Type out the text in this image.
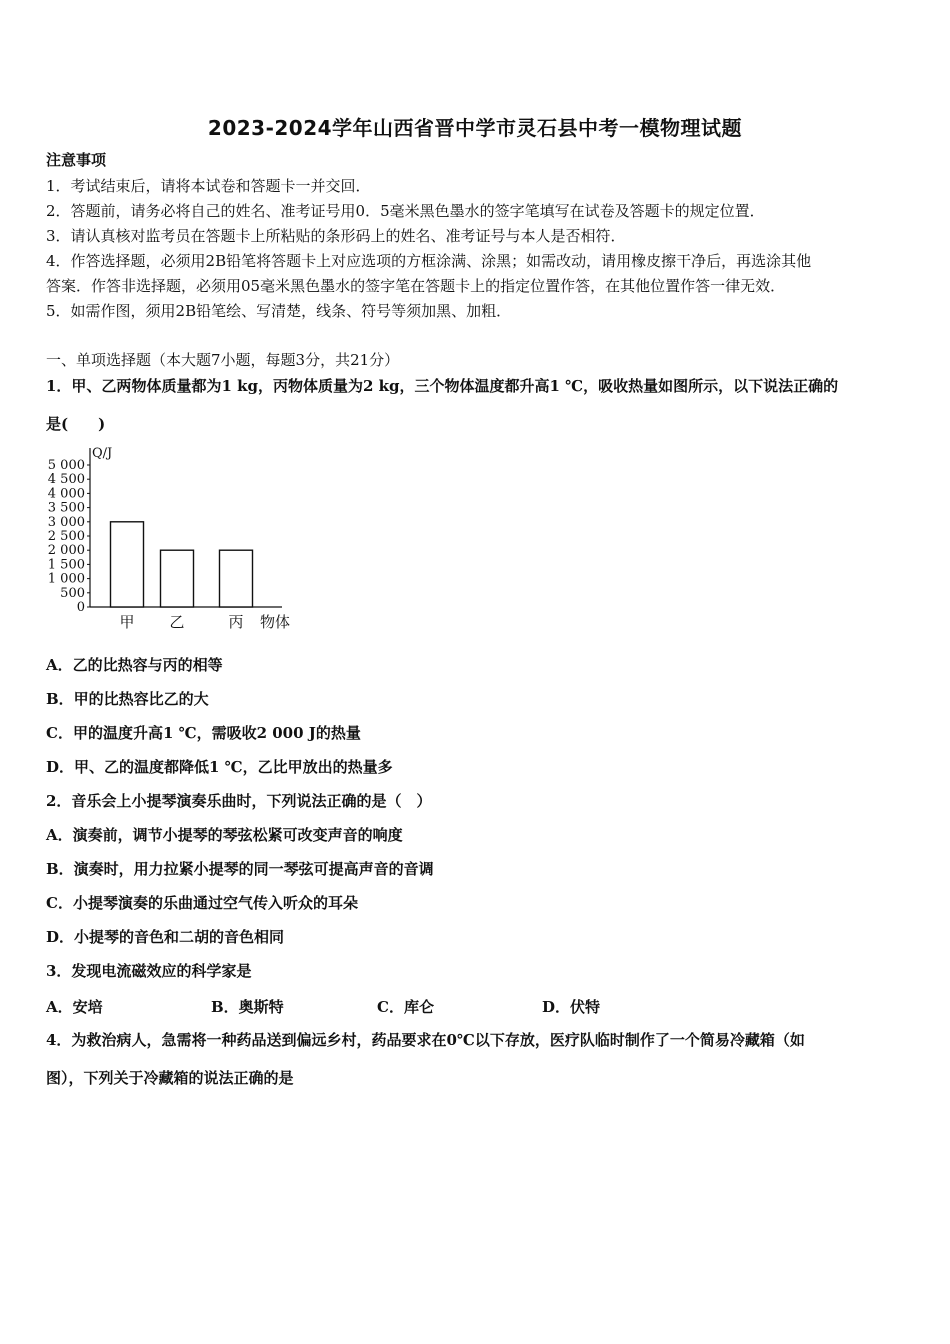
2023-2024学年山西省晋中学市灵石县中考一模物理试题
注意事项
1．考试结束后，请将本试卷和答题卡一并交回．
2．答题前，请务必将自己的姓名、准考证号用0．5毫米黑色墨水的签字笔填写在试卷及答题卡的规定位置．
3．请认真核对监考员在答题卡上所粘贴的条形码上的姓名、准考证号与本人是否相符．
4．作答选择题，必须用2B铅笔将答题卡上对应选项的方框涂满、涂黑；如需改动，请用橡皮擦干净后，再选涂其他
答案．作答非选择题，必须用05毫米黑色墨水的签字笔在答题卡上的指定位置作答，在其他位置作答一律无效．
5．如需作图，须用2B铅笔绘、写清楚，线条、符号等须加黑、加粗．
一、单项选择题（本大题7小题，每题3分，共21分）
1．甲、乙两物体质量都为1 kg，丙物体质量为2 kg，三个物体温度都升高1 ℃，吸收热量如图所示，以下说法正确的
是(　　)
Q/J
0
500
1 000
1 500
2 000
2 500
3 000
3 500
4 000
4 500
5 000
甲 乙	丙 物体
A．乙的比热容与丙的相等
B．甲的比热容比乙的大
C．甲的温度升高1 ℃，需吸收2 000 J的热量
D．甲、乙的温度都降低1 ℃，乙比甲放出的热量多
2．音乐会上小提琴演奏乐曲时，下列说法正确的是（　）
A．演奏前，调节小提琴的琴弦松紧可改变声音的响度
B．演奏时，用力拉紧小提琴的同一琴弦可提高声音的音调
C．小提琴演奏的乐曲通过空气传入听众的耳朵
D．小提琴的音色和二胡的音色相同
3．发现电流磁效应的科学家是
A．安培	B．奥斯特	C．库仑	D．伏特
4．为救治病人，急需将一种药品送到偏远乡村，药品要求在0℃以下存放，医疗队临时制作了一个简易冷藏箱（如
图），下列关于冷藏箱的说法正确的是
